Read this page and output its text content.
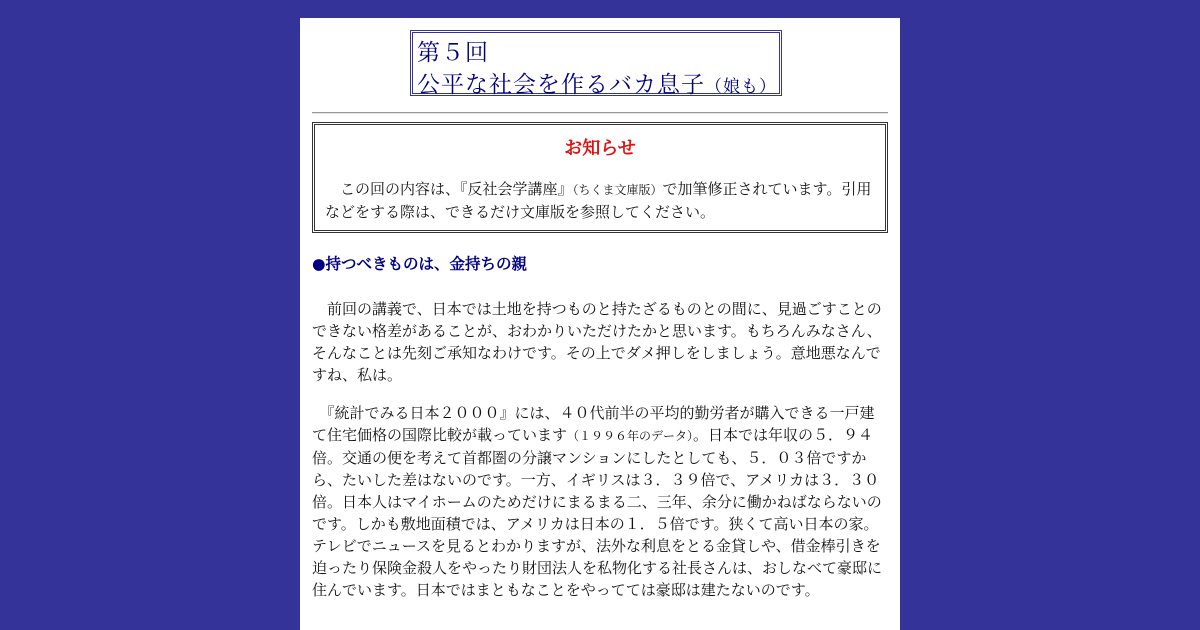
第５回
公平な社会を作るバカ息子（娘も）
お知らせ
　この回の内容は、『反社会学講座』（ちくま文庫版）で加筆修正されています。引用などをする際は、できるだけ文庫版を参照してください。
●持つべきものは、金持ちの親
　前回の講義で、日本では土地を持つものと持たざるものとの間に、見過ごすことのできない格差があることが、おわかりいただけたかと思います。もちろんみなさん、そんなことは先刻ご承知なわけです。その上でダメ押しをしましょう。意地悪なんですね、私は。
　『統計でみる日本２０００』には、４０代前半の平均的勤労者が購入できる一戸建て住宅価格の国際比較が載っています（１９９６年のデータ）。日本では年収の５．９４倍。交通の便を考えて首都圏の分譲マンションにしたとしても、５．０３倍ですから、たいした差はないのです。一方、イギリスは３．３９倍で、アメリカは３．３０倍。日本人はマイホームのためだけにまるまる二、三年、余分に働かねばならないのです。しかも敷地面積では、アメリカは日本の１．５倍です。狭くて高い日本の家。テレビでニュースを見るとわかりますが、法外な利息をとる金貸しや、借金棒引きを迫ったり保険金殺人をやったり財団法人を私物化する社長さんは、おしなべて豪邸に住んでいます。日本ではまともなことをやってては豪邸は建たないのです。
